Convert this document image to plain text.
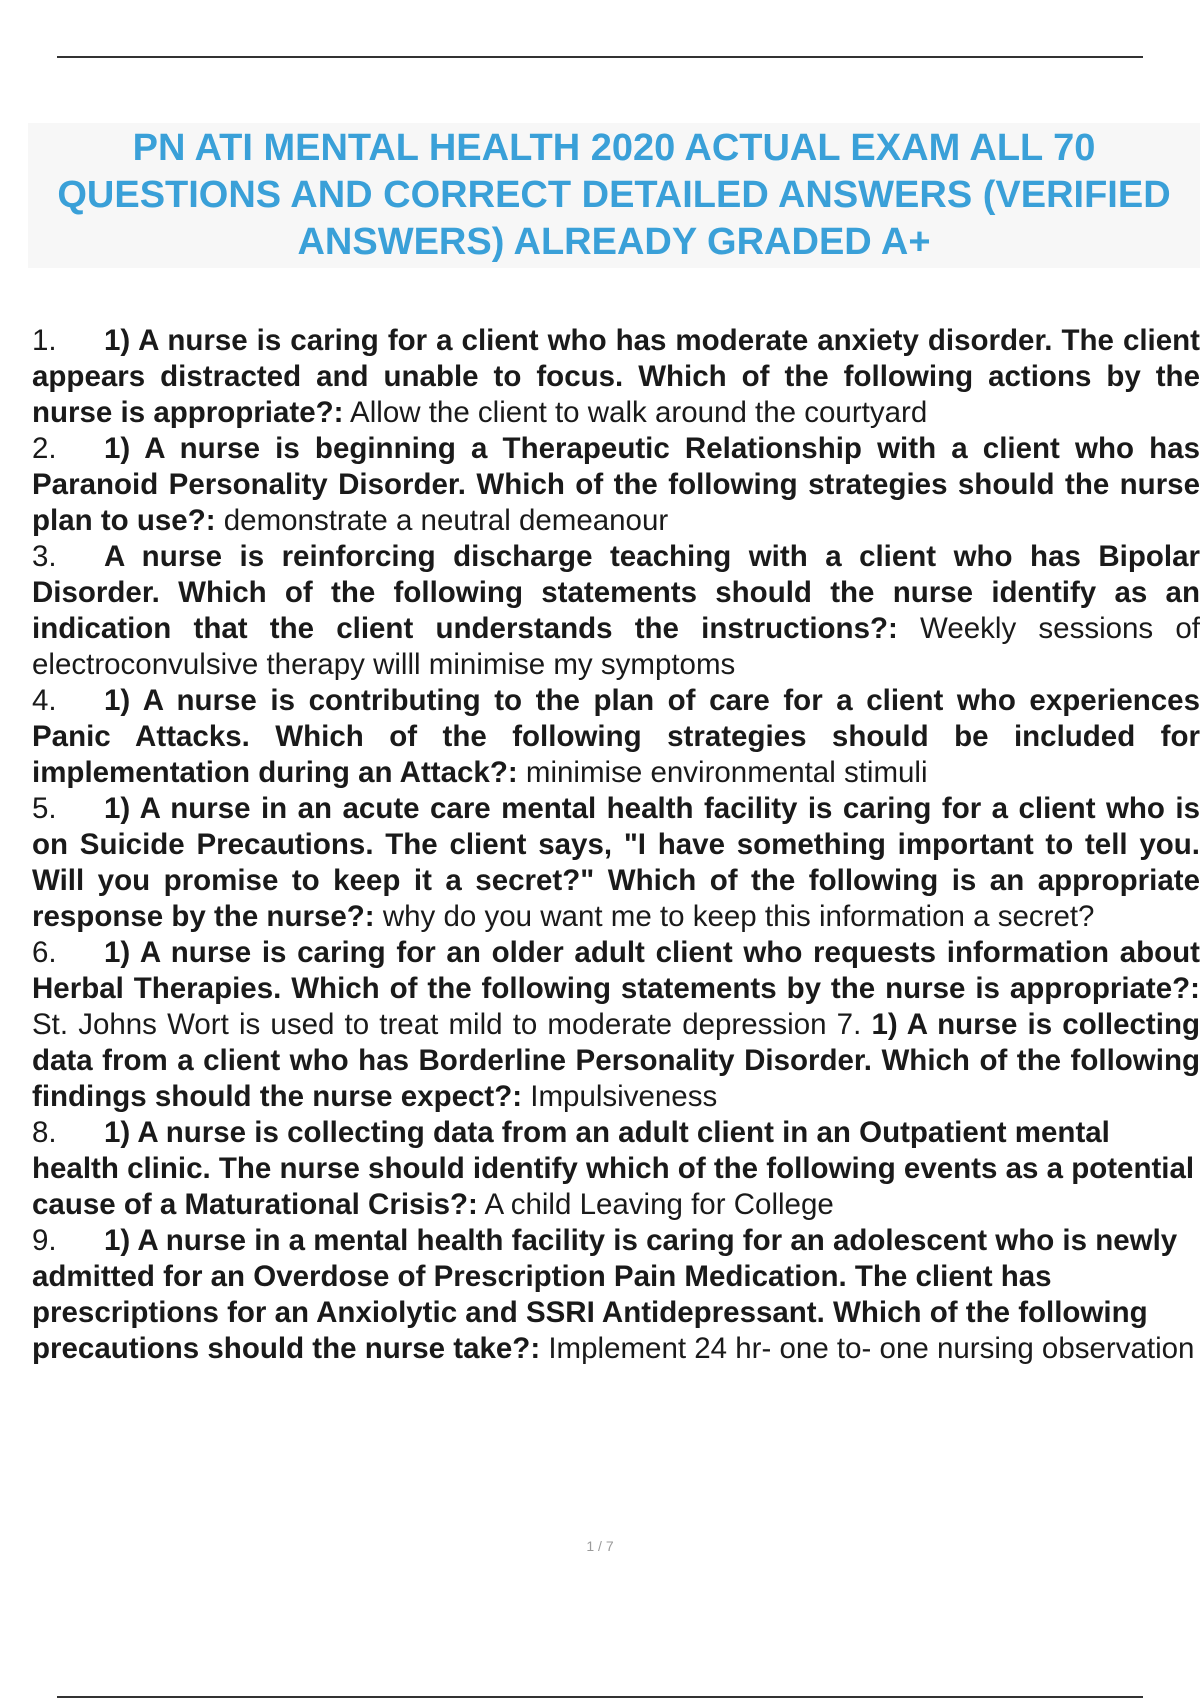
PN ATI MENTAL HEALTH 2020 ACTUAL EXAM ALL 70 QUESTIONS AND CORRECT DETAILED ANSWERS (VERIFIED ANSWERS) ALREADY GRADED A+

1. 1) A nurse is caring for a client who has moderate anxiety disorder. The client appears distracted and unable to focus. Which of the following actions by the nurse is appropriate?: Allow the client to walk around the courtyard

2. 1) A nurse is beginning a Therapeutic Relationship with a client who has Paranoid Personality Disorder. Which of the following strategies should the nurse plan to use?: demonstrate a neutral demeanour

3. A nurse is reinforcing discharge teaching with a client who has Bipolar Disorder. Which of the following statements should the nurse identify as an indication that the client understands the instructions?: Weekly sessions of electroconvulsive therapy willl minimise my symptoms

4. 1) A nurse is contributing to the plan of care for a client who experiences Panic Attacks. Which of the following strategies should be included for implementation during an Attack?: minimise environmental stimuli

5. 1) A nurse in an acute care mental health facility is caring for a client who is on Suicide Precautions. The client says, "I have something important to tell you. Will you promise to keep it a secret?" Which of the following is an appropriate response by the nurse?: why do you want me to keep this information a secret?

6. 1) A nurse is caring for an older adult client who requests information about Herbal Therapies. Which of the following statements by the nurse is appropriate?: St. Johns Wort is used to treat mild to moderate depression 7. 1) A nurse is collecting data from a client who has Borderline Personality Disorder. Which of the following findings should the nurse expect?: Impulsiveness

8. 1) A nurse is collecting data from an adult client in an Outpatient mental health clinic. The nurse should identify which of the following events as a potential cause of a Maturational Crisis?: A child Leaving for College

9. 1) A nurse in a mental health facility is caring for an adolescent who is newly admitted for an Overdose of Prescription Pain Medication. The client has prescriptions for an Anxiolytic and SSRI Antidepressant. Which of the following precautions should the nurse take?: Implement 24 hr- one to- one nursing observation

1 / 7
